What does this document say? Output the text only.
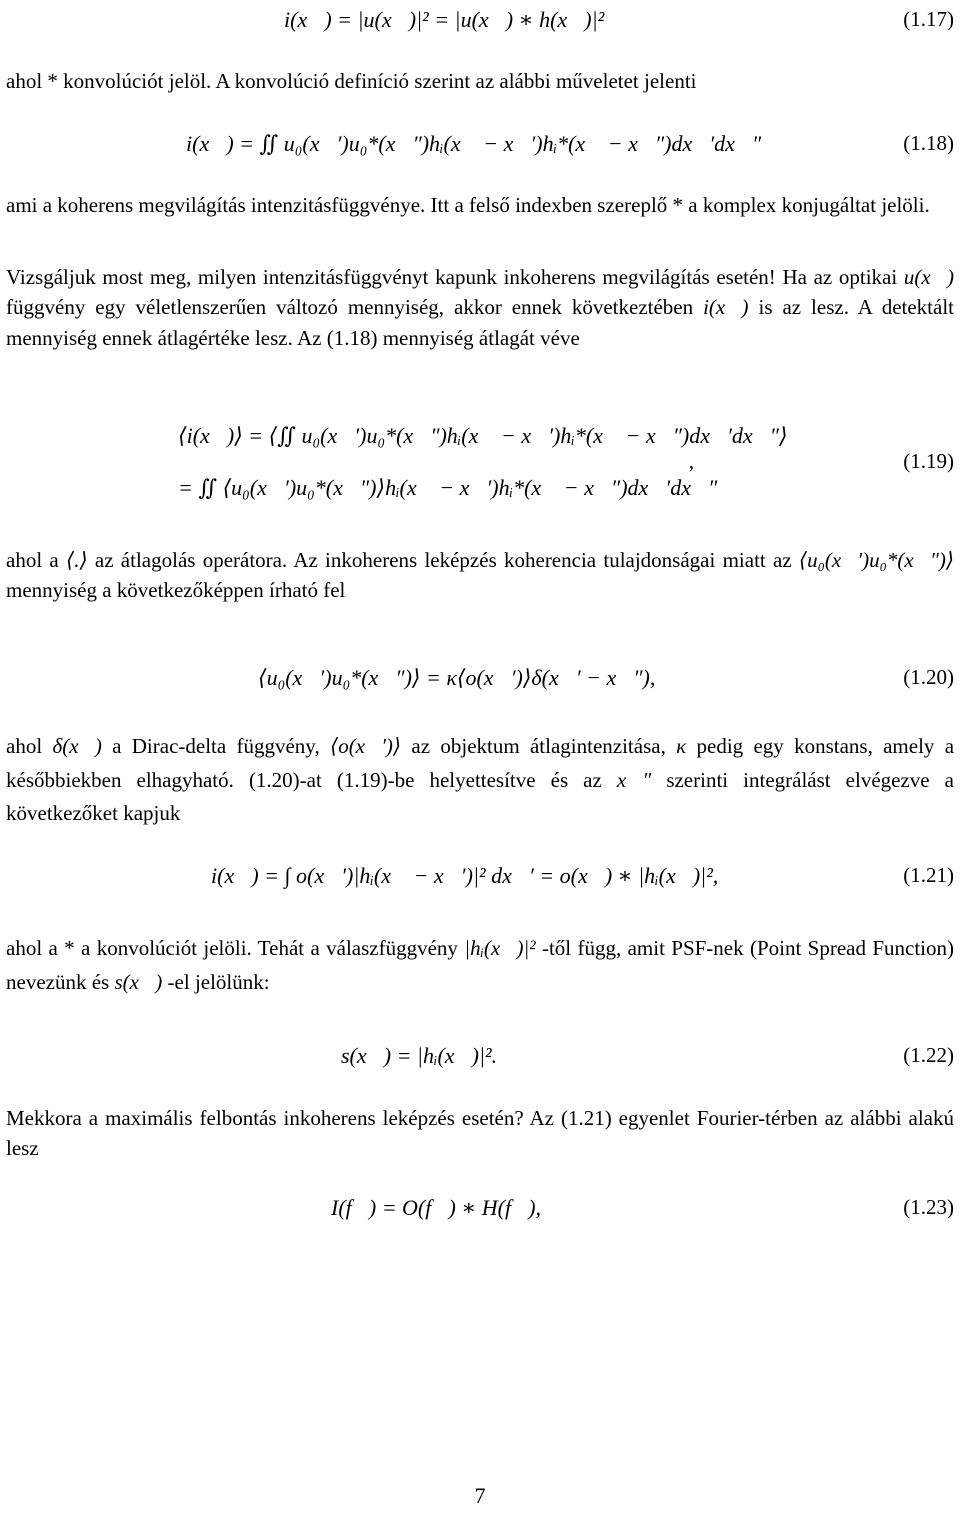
i(x⃗) = |u(x⃗)|² = |u(x⃗) ∗ h(x⃗)|²	(1.17)

ahol * konvolúciót jelöl. A konvolúció definíció szerint az alábbi műveletet jelenti

i(x⃗) = ∬ u₀(x⃗′)u₀*(x⃗″)hᵢ(x⃗ − x⃗′)hᵢ*(x⃗ − x⃗″)dx⃗′dx⃗″	(1.18)

ami a koherens megvilágítás intenzitásfüggvénye. Itt a felső indexben szereplő * a komplex konjugáltat jelöli.

Vizsgáljuk most meg, milyen intenzitásfüggvényt kapunk inkoherens megvilágítás esetén! Ha az optikai u(x⃗) függvény egy véletlenszerűen változó mennyiség, akkor ennek következtében i(x⃗) is az lesz. A detektált mennyiség ennek átlagértéke lesz. Az (1.18) mennyiség átlagát véve

⟨i(x⃗)⟩ = ⟨∬ u₀(x⃗′)u₀*(x⃗″)hᵢ(x⃗ − x⃗′)hᵢ*(x⃗ − x⃗″)dx⃗′dx⃗″⟩
= ∬ ⟨u₀(x⃗′)u₀*(x⃗″)⟩hᵢ(x⃗ − x⃗′)hᵢ*(x⃗ − x⃗″)dx⃗′dx⃗″
,	(1.19)

ahol a ⟨.⟩ az átlagolás operátora. Az inkoherens leképzés koherencia tulajdonságai miatt az ⟨u₀(x⃗′)u₀*(x⃗″)⟩ mennyiség a következőképpen írható fel

⟨u₀(x⃗′)u₀*(x⃗″)⟩ = κ⟨o(x⃗′)⟩δ(x⃗′ − x⃗″),	(1.20)

ahol δ(x⃗) a Dirac-delta függvény, ⟨o(x⃗′)⟩ az objektum átlagintenzitása, κ pedig egy konstans, amely a későbbiekben elhagyható. (1.20)-at (1.19)-be helyettesítve és az x⃗″ szerinti integrálást elvégezve a következőket kapjuk

i(x⃗) = ∫ o(x⃗′)|hᵢ(x⃗ − x⃗′)|² dx⃗′ = o(x⃗) ∗ |hᵢ(x⃗)|²,	(1.21)

ahol a * a konvolúciót jelöli. Tehát a válaszfüggvény |hᵢ(x⃗)|² -től függ, amit PSF-nek (Point Spread Function) nevezünk és s(x⃗) -el jelölünk:

s(x⃗) = |hᵢ(x⃗)|².	(1.22)

Mekkora a maximális felbontás inkoherens leképzés esetén? Az (1.21) egyenlet Fourier-térben az alábbi alakú lesz

I(f⃗) = O(f⃗) ∗ H(f⃗),	(1.23)
7
